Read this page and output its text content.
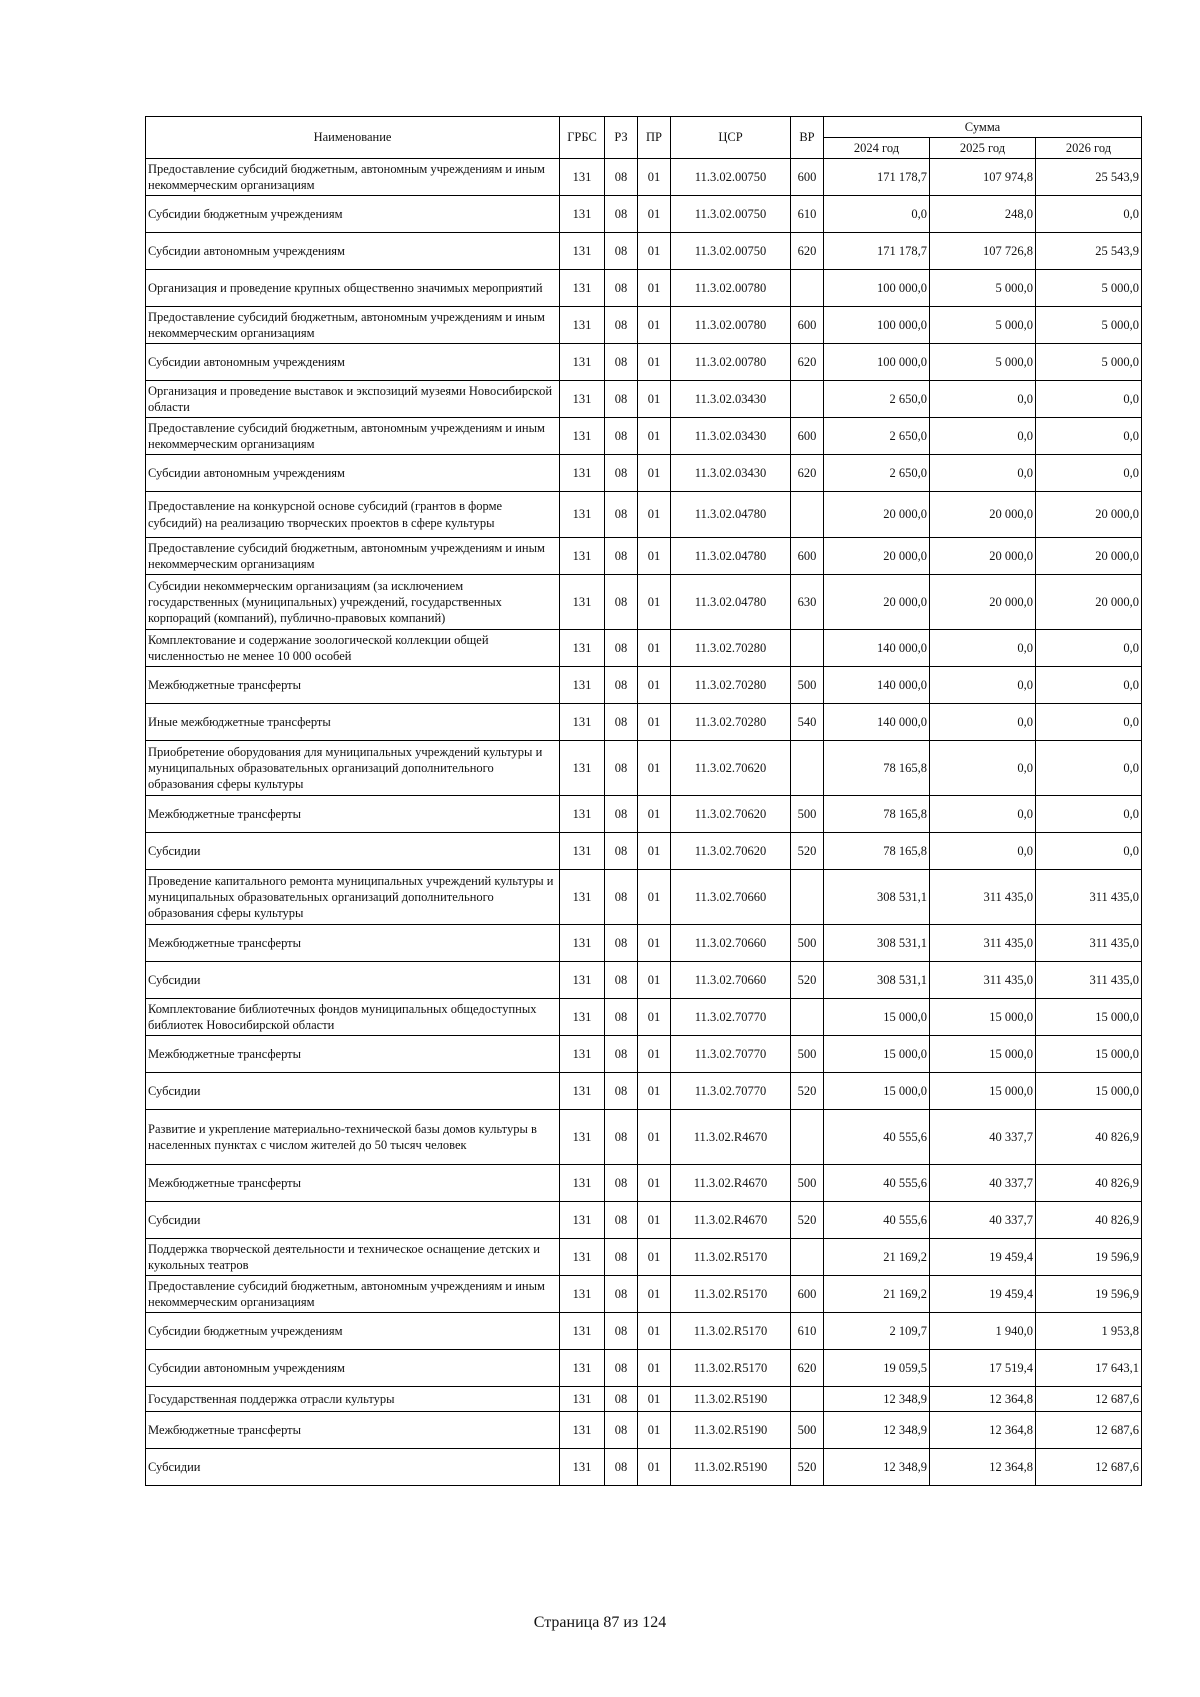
Наименование	ГРБС	РЗ	ПР	ЦСР	ВР	Сумма		
						2024 год	2025 год	2026 год
Предоставление субсидий бюджетным, автономным учреждениям и иным некоммерческим организациям	131	08	01	11.3.02.00750	600	171 178,7	107 974,8	25 543,9
Субсидии бюджетным учреждениям	131	08	01	11.3.02.00750	610	0,0	248,0	0,0
Субсидии автономным учреждениям	131	08	01	11.3.02.00750	620	171 178,7	107 726,8	25 543,9
Организация и проведение крупных общественно значимых мероприятий	131	08	01	11.3.02.00780		100 000,0	5 000,0	5 000,0
Предоставление субсидий бюджетным, автономным учреждениям и иным некоммерческим организациям	131	08	01	11.3.02.00780	600	100 000,0	5 000,0	5 000,0
Субсидии автономным учреждениям	131	08	01	11.3.02.00780	620	100 000,0	5 000,0	5 000,0
Организация и проведение выставок и экспозиций музеями Новосибирской области	131	08	01	11.3.02.03430		2 650,0	0,0	0,0
Предоставление субсидий бюджетным, автономным учреждениям и иным некоммерческим организациям	131	08	01	11.3.02.03430	600	2 650,0	0,0	0,0
Субсидии автономным учреждениям	131	08	01	11.3.02.03430	620	2 650,0	0,0	0,0
Предоставление на конкурсной основе субсидий (грантов в форме субсидий) на реализацию творческих проектов в сфере культуры	131	08	01	11.3.02.04780		20 000,0	20 000,0	20 000,0
Предоставление субсидий бюджетным, автономным учреждениям и иным некоммерческим организациям	131	08	01	11.3.02.04780	600	20 000,0	20 000,0	20 000,0
Субсидии некоммерческим организациям (за исключением государственных (муниципальных) учреждений, государственных корпораций (компаний), публично-правовых компаний)	131	08	01	11.3.02.04780	630	20 000,0	20 000,0	20 000,0
Комплектование и содержание зоологической коллекции общей численностью не менее 10 000 особей	131	08	01	11.3.02.70280		140 000,0	0,0	0,0
Межбюджетные трансферты	131	08	01	11.3.02.70280	500	140 000,0	0,0	0,0
Иные межбюджетные трансферты	131	08	01	11.3.02.70280	540	140 000,0	0,0	0,0
Приобретение оборудования для муниципальных учреждений культуры и муниципальных образовательных организаций дополнительного образования сферы культуры	131	08	01	11.3.02.70620		78 165,8	0,0	0,0
Межбюджетные трансферты	131	08	01	11.3.02.70620	500	78 165,8	0,0	0,0
Субсидии	131	08	01	11.3.02.70620	520	78 165,8	0,0	0,0
Проведение капитального ремонта муниципальных учреждений культуры и муниципальных образовательных организаций дополнительного образования сферы культуры	131	08	01	11.3.02.70660		308 531,1	311 435,0	311 435,0
Межбюджетные трансферты	131	08	01	11.3.02.70660	500	308 531,1	311 435,0	311 435,0
Субсидии	131	08	01	11.3.02.70660	520	308 531,1	311 435,0	311 435,0
Комплектование библиотечных фондов муниципальных общедоступных библиотек Новосибирской области	131	08	01	11.3.02.70770		15 000,0	15 000,0	15 000,0
Межбюджетные трансферты	131	08	01	11.3.02.70770	500	15 000,0	15 000,0	15 000,0
Субсидии	131	08	01	11.3.02.70770	520	15 000,0	15 000,0	15 000,0
Развитие и укрепление материально-технической базы домов культуры в населенных пунктах с числом жителей до 50 тысяч человек	131	08	01	11.3.02.R4670		40 555,6	40 337,7	40 826,9
Межбюджетные трансферты	131	08	01	11.3.02.R4670	500	40 555,6	40 337,7	40 826,9
Субсидии	131	08	01	11.3.02.R4670	520	40 555,6	40 337,7	40 826,9
Поддержка творческой деятельности и техническое оснащение детских и кукольных театров	131	08	01	11.3.02.R5170		21 169,2	19 459,4	19 596,9
Предоставление субсидий бюджетным, автономным учреждениям и иным некоммерческим организациям	131	08	01	11.3.02.R5170	600	21 169,2	19 459,4	19 596,9
Субсидии бюджетным учреждениям	131	08	01	11.3.02.R5170	610	2 109,7	1 940,0	1 953,8
Субсидии автономным учреждениям	131	08	01	11.3.02.R5170	620	19 059,5	17 519,4	17 643,1
Государственная поддержка отрасли культуры	131	08	01	11.3.02.R5190		12 348,9	12 364,8	12 687,6
Межбюджетные трансферты	131	08	01	11.3.02.R5190	500	12 348,9	12 364,8	12 687,6
Субсидии	131	08	01	11.3.02.R5190	520	12 348,9	12 364,8	12 687,6
Страница 87 из 124
